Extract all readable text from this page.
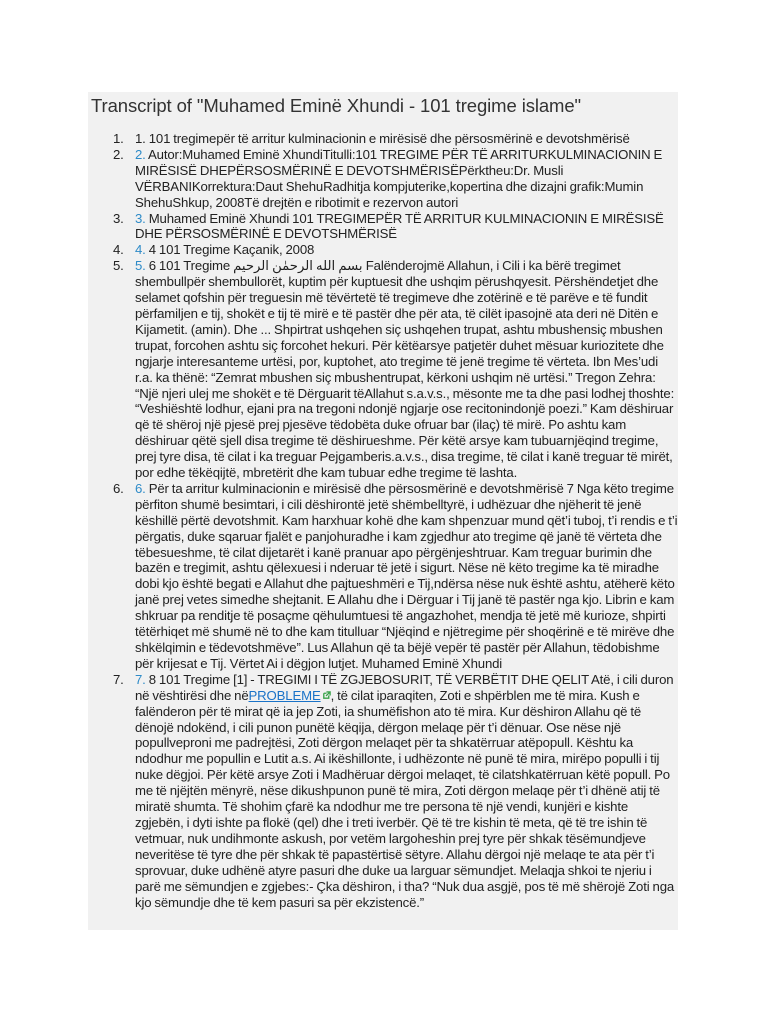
Transcript of "Muhamed Eminë Xhundi - 101 tregime islame"
1. 1. 101 tregimepër të arritur kulminacionin e mirësisë dhe përsosmërinë e devotshmërisë
2. 2. Autor:Muhamed Eminë XhundiTitulli:101 TREGIME PËR TË ARRITURKULMINACIONIN E MIRËSISË DHEPËRSOSMËRINË E DEVOTSHMËRISËPërktheu:Dr. Musli VËRBANIKorrektura:Daut ShehuRadhitja kompjuterike,kopertina dhe dizajni grafik:Mumin ShehuShkup, 2008Të drejtën e ribotimit e rezervon autori
3. 3. Muhamed Eminë Xhundi 101 TREGIMEPËR TË ARRITUR KULMINACIONIN E MIRËSISË DHE PËRSOSMËRINË E DEVOTSHMËRISË
4. 4. 4 101 Tregime Kaçanik, 2008
5. 5. 6 101 Tregime بسم الله الرحمٰن الرحيم Falënderojmë Allahun, i Cili i ka bërë tregimet shembullpër shembullorët, kuptim për kuptuesit dhe ushqim përushqyesit. Përshëndetjet dhe selamet qofshin për treguesin më tëvërtetë të tregimeve dhe zotërinë e të parëve e të fundit përfamiljen e tij, shokët e tij të mirë e të pastër dhe për ata, të cilët ipasojnë ata deri në Ditën e Kijametit. (amin). Dhe ... Shpirtrat ushqehen siç ushqehen trupat, ashtu mbushensiç mbushen trupat, forcohen ashtu siç forcohet hekuri. Për këtëarsye patjetër duhet mësuar kuriozitete dhe ngjarje interesanteme urtësi, por, kuptohet, ato tregime të jenë tregime të vërteta. Ibn Mes’udi r.a. ka thënë: “Zemrat mbushen siç mbushentrupat, kërkoni ushqim në urtësi.” Tregon Zehra: “Një njeri ulej me shokët e të Dërguarit tëAllahut s.a.v.s., mësonte me ta dhe pasi lodhej thoshte: “Veshiështë lodhur, ejani pra na tregoni ndonjë ngjarje ose recitonindonjë poezi.” Kam dëshiruar që të shëroj një pjesë prej pjesëve tëdobëta duke ofruar bar (ilaç) të mirë. Po ashtu kam dëshiruar qëtë sjell disa tregime të dëshirueshme. Për këtë arsye kam tubuarnjëqind tregime, prej tyre disa, të cilat i ka treguar Pejgamberis.a.v.s., disa tregime, të cilat i kanë treguar të mirët, por edhe tëkëqijtë, mbretërit dhe kam tubuar edhe tregime të lashta.
6. 6. Për ta arritur kulminacionin e mirësisë dhe përsosmërinë e devotshmërisë 7 Nga këto tregime përfiton shumë besimtari, i cili dëshirontë jetë shëmbelltyrë, i udhëzuar dhe njëherit të jenë këshillë përtë devotshmit. Kam harxhuar kohë dhe kam shpenzuar mund qët’i tuboj, t’i rendis e t’i përgatis, duke sqaruar fjalët e panjohuradhe i kam zgjedhur ato tregime që janë të vërteta dhe tëbesueshme, të cilat dijetarët i kanë pranuar apo përgënjeshtruar. Kam treguar burimin dhe bazën e tregimit, ashtu qëlexuesi i nderuar të jetë i sigurt. Nëse në këto tregime ka të miradhe dobi kjo është begati e Allahut dhe pajtueshmëri e Tij,ndërsa nëse nuk është ashtu, atëherë këto janë prej vetes simedhe shejtanit. E Allahu dhe i Dërguar i Tij janë të pastër nga kjo. Librin e kam shkruar pa renditje të posaçme qëhulumtuesi të angazhohet, mendja të jetë më kurioze, shpirti tëtërhiqet më shumë në to dhe kam titulluar “Njëqind e njëtregime për shoqërinë e të mirëve dhe shkëlqimin e tëdevotshmëve”. Lus Allahun që ta bëjë vepër të pastër për Allahun, tëdobishme për krijesat e Tij. Vërtet Ai i dëgjon lutjet. Muhamed Eminë Xhundi
7. 7. 8 101 Tregime [1] - TREGIMI I TË ZGJEBOSURIT, TË VERBËTIT DHE QELIT Atë, i cili duron në vështirësi dhe nëPROBLEME , të cilat iparaqiten, Zoti e shpërblen me të mira. Kush e falënderon për të mirat që ia jep Zoti, ia shumëfishon ato të mira. Kur dëshiron Allahu që të dënojë ndokënd, i cili punon punëtë këqija, dërgon melaqe për t’i dënuar. Ose nëse një popullveproni me padrejtësi, Zoti dërgon melaqet për ta shkatërruar atëpopull. Kështu ka ndodhur me popullin e Lutit a.s. Ai ikëshillonte, i udhëzonte në punë të mira, mirëpo populli i tij nuke dëgjoi. Për këtë arsye Zoti i Madhëruar dërgoi melaqet, të cilatshkatërruan këtë popull. Po me të njëjtën mënyrë, nëse dikushpunon punë të mira, Zoti dërgon melaqe për t’i dhënë atij të miratë shumta. Të shohim çfarë ka ndodhur me tre persona të një vendi, kunjëri e kishte zgjebën, i dyti ishte pa flokë (qel) dhe i treti iverbër. Që të tre kishin të meta, që të tre ishin të vetmuar, nuk undihmonte askush, por vetëm largoheshin prej tyre për shkak tësëmundjeve neveritëse të tyre dhe për shkak të papastërtisë sëtyre. Allahu dërgoi një melaqe te ata për t’i sprovuar, duke udhënë atyre pasuri dhe duke ua larguar sëmundjet. Melaqja shkoi te njeriu i parë me sëmundjen e zgjebes:- Çka dëshiron, i tha? “Nuk dua asgjë, pos të më shërojë Zoti nga kjo sëmundje dhe të kem pasuri sa për ekzistencë.”
